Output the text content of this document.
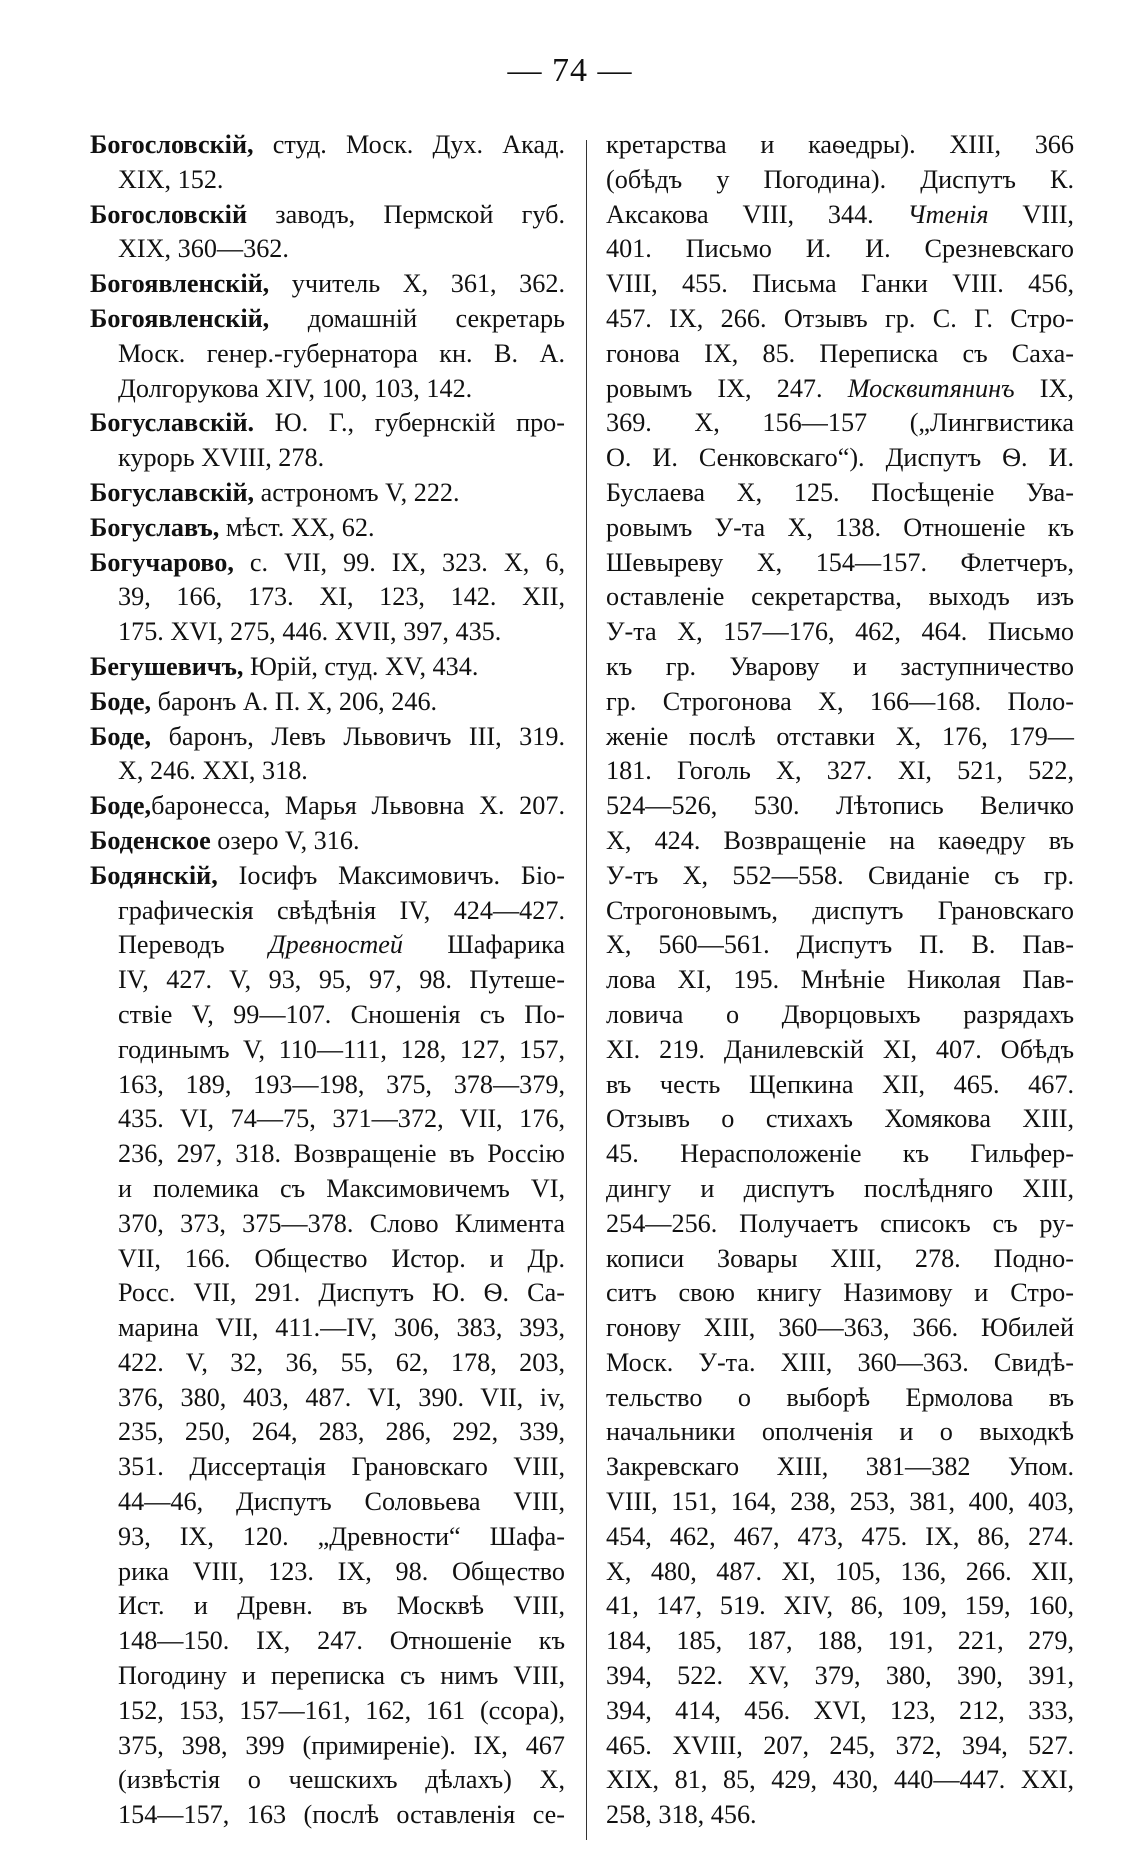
— 74 —
Богословскій, студ. Моск. Дух. Акад.
XIX, 152.
Богословскій заводъ, Пермской губ.
XIX, 360—362.
Богоявленскій, учитель X, 361, 362.
Богоявленскій, домашній секретарь
Моск. генер.-губернатора кн. В. А.
Долгорукова XIV, 100, 103, 142.
Богуславскій. Ю. Г., губернскій про-
курорь XVIII, 278.
Богуславскій, астрономъ V, 222.
Богуславъ, мѣст. XX, 62.
Богучарово, с. VII, 99. IX, 323. X, 6,
39, 166, 173. XI, 123, 142. XII,
175. XVI, 275, 446. XVII, 397, 435.
Бегушевичъ, Юрій, студ. XV, 434.
Боде, баронъ А. П. X, 206, 246.
Боде, баронъ, Левъ Львовичъ III, 319.
X, 246. XXI, 318.
Боде,баронесса, Марья Львовна X. 207.
Боденское озеро V, 316.
Бодянскій, Іосифъ Максимовичъ. Біо-
графическія свѣдѣнія IV, 424—427.
Переводъ Древностей Шафарика
IV, 427. V, 93, 95, 97, 98. Путеше-
ствіе V, 99—107. Сношенія съ По-
годинымъ V, 110—111, 128, 127, 157,
163, 189, 193—198, 375, 378—379,
435. VI, 74—75, 371—372, VII, 176,
236, 297, 318. Возвращеніе въ Россію
и полемика съ Максимовичемъ VI,
370, 373, 375—378. Слово Климента
VII, 166. Общество Истор. и Др.
Росс. VII, 291. Диспутъ Ю. Ѳ. Са-
марина VII, 411.—IV, 306, 383, 393,
422. V, 32, 36, 55, 62, 178, 203,
376, 380, 403, 487. VI, 390. VII, iv,
235, 250, 264, 283, 286, 292, 339,
351. Диссертація Грановскаго VIII,
44—46, Диспутъ Соловьева VIII,
93, IX, 120. „Древности“ Шафа-
рика VIII, 123. IX, 98. Общество
Ист. и Древн. въ Москвѣ VIII,
148—150. IX, 247. Отношеніе къ
Погодину и переписка съ нимъ VIII,
152, 153, 157—161, 162, 161 (ссора),
375, 398, 399 (примиреніе). IX, 467
(извѣстія о чешскихъ дѣлахъ) X,
154—157, 163 (послѣ оставленія се-
кретарства и каѳедры). XIII, 366
(обѣдъ у Погодина). Диспутъ К.
Аксакова VIII, 344. Чтенія VIII,
401. Письмо И. И. Срезневскаго
VIII, 455. Письма Ганки VIII. 456,
457. IX, 266. Отзывъ гр. С. Г. Стро-
гонова IX, 85. Переписка съ Саха-
ровымъ IX, 247. Москвитянинъ IX,
369. X, 156—157 („Лингвистика
О. И. Сенковскаго“). Диспутъ Ѳ. И.
Буслаева X, 125. Посѣщеніе Ува-
ровымъ У-та X, 138. Отношеніе къ
Шевыреву X, 154—157. Флетчеръ,
оставленіе секретарства, выходъ изъ
У-та X, 157—176, 462, 464. Письмо
къ гр. Уварову и заступничество
гр. Строгонова X, 166—168. Поло-
женіе послѣ отставки X, 176, 179—
181. Гоголь X, 327. XI, 521, 522,
524—526, 530. Лѣтопись Величко
X, 424. Возвращеніе на каѳедру въ
У-тъ X, 552—558. Свиданіе съ гр.
Строгоновымъ, диспутъ Грановскаго
X, 560—561. Диспутъ П. В. Пав-
лова XI, 195. Мнѣніе Николая Пав-
ловича о Дворцовыхъ разрядахъ
XI. 219. Данилевскій XI, 407. Обѣдъ
въ честь Щепкина XII, 465. 467.
Отзывъ о стихахъ Хомякова XIII,
45. Нерасположеніе къ Гильфер-
дингу и диспутъ послѣдняго XIII,
254—256. Получаетъ списокъ съ ру-
кописи Зовары XIII, 278. Подно-
ситъ свою книгу Назимову и Стро-
гонову XIII, 360—363, 366. Юбилей
Моск. У-та. XIII, 360—363. Свидѣ-
тельство о выборѣ Ермолова въ
начальники ополченія и о выходкѣ
Закревскаго XIII, 381—382 Упом.
VIII, 151, 164, 238, 253, 381, 400, 403,
454, 462, 467, 473, 475. IX, 86, 274.
X, 480, 487. XI, 105, 136, 266. XII,
41, 147, 519. XIV, 86, 109, 159, 160,
184, 185, 187, 188, 191, 221, 279,
394, 522. XV, 379, 380, 390, 391,
394, 414, 456. XVI, 123, 212, 333,
465. XVIII, 207, 245, 372, 394, 527.
XIX, 81, 85, 429, 430, 440—447. XXI,
258, 318, 456.
